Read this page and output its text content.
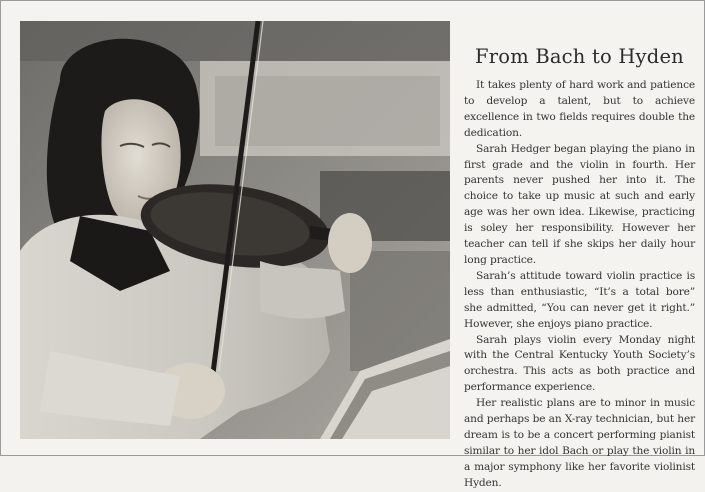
From Bach to Hyden

It takes plenty of hard work and patience to develop a talent, but to achieve excellence in two fields requires double the dedication.

Sarah Hedger began playing the piano in first grade and the violin in fourth. Her parents never pushed her into it. The choice to take up music at such and early age was her own idea. Likewise, practicing is soley her responsibility. However her teacher can tell if she skips her daily hour long practice.

Sarah’s attitude toward violin practice is less than enthusiastic, “It’s a total bore” she admitted, “You can never get it right.” However, she enjoys piano practice.

Sarah plays violin every Monday night with the Central Kentucky Youth Society’s orchestra. This acts as both practice and performance experience.

Her realistic plans are to minor in music and perhaps be an X-ray technician, but her dream is to be a concert performing pianist similar to her idol Bach or play the violin in a major symphony like her favorite violinist Hyden.
